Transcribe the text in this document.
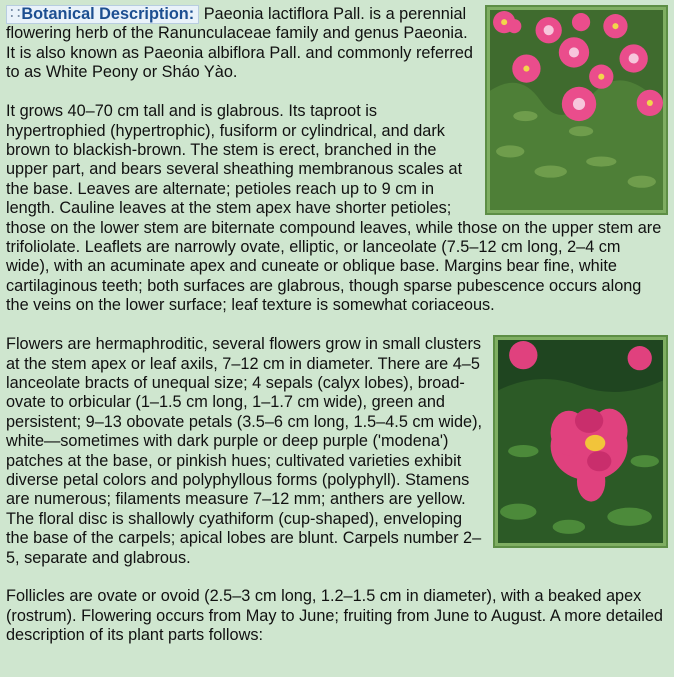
∷Botanical Description: Paeonia lactiflora Pall. is a perennial flowering herb of the Ranunculaceae family and genus Paeonia. It is also known as Paeonia albiflora Pall. and commonly referred to as White Peony or Sháo Yào.

It grows 40–70 cm tall and is glabrous. Its taproot is hypertrophied (hypertrophic), fusiform or cylindrical, and dark brown to blackish-brown. The stem is erect, branched in the upper part, and bears several sheathing membranous scales at the base. Leaves are alternate; petioles reach up to 9 cm in length. Cauline leaves at the stem apex have shorter petioles; those on the lower stem are biternate compound leaves, while those on the upper stem are trifoliolate. Leaflets are narrowly ovate, elliptic, or lanceolate (7.5–12 cm long, 2–4 cm wide), with an acuminate apex and cuneate or oblique base. Margins bear fine, white cartilaginous teeth; both surfaces are glabrous, though sparse pubescence occurs along the veins on the lower surface; leaf texture is somewhat coriaceous.

Flowers are hermaphroditic, several flowers grow in small clusters at the stem apex or leaf axils, 7–12 cm in diameter. There are 4–5 lanceolate bracts of unequal size; 4 sepals (calyx lobes), broad-ovate to orbicular (1–1.5 cm long, 1–1.7 cm wide), green and persistent; 9–13 obovate petals (3.5–6 cm long, 1.5–4.5 cm wide), white—sometimes with dark purple or deep purple ('modena') patches at the base, or pinkish hues; cultivated varieties exhibit diverse petal colors and polyphyllous forms (polyphyll). Stamens are numerous; filaments measure 7–12 mm; anthers are yellow. The floral disc is shallowly cyathiform (cup-shaped), enveloping the base of the carpels; apical lobes are blunt. Carpels number 2–5, separate and glabrous.

Follicles are ovate or ovoid (2.5–3 cm long, 1.2–1.5 cm in diameter), with a beaked apex (rostrum). Flowering occurs from May to June; fruiting from June to August. A more detailed description of its plant parts follows:
